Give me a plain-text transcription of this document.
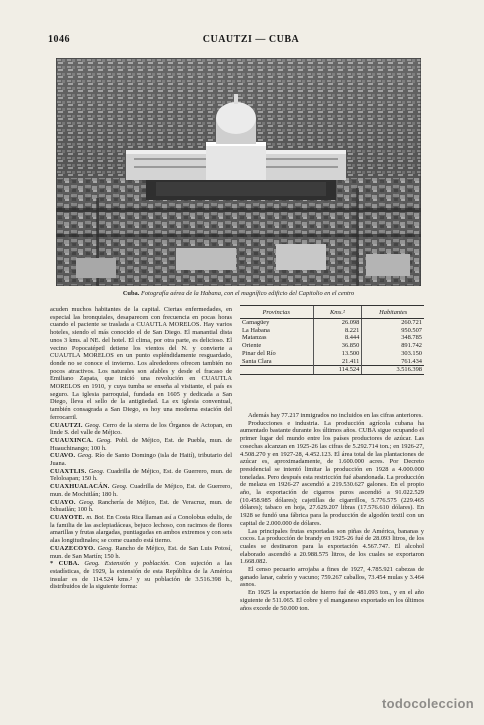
1046	CUAUTZI — CUBA
Cuba. Fotografía aérea de la Habana, con el magnífico edificio del Capitolio en el centro

acuden muchos habitantes de la capital. Ciertas enfermedades, en especial las bronquiales, desaparecen con frecuencia en pocas horas cuando el paciente se traslada a CUAUTLA MORELOS. Hay varios hoteles, siendo el más conocido el de San Diego. El manantial dista unos 3 kms. al NE. del hotel. El clima, por otra parte, es delicioso. El vecino Popocatépetl detiene los vientos del N. y convierte a CUAUTLA MORELOS en un punto espléndidamente resguardado, donde no se conoce el invierno. Los alrededores ofrecen también no pocos atractivos. Los naturales son afables y desde el fracaso de Emiliano Zapata, que inició una revolución en CUAUTLA MORELOS en 1910, y cuya tumba se enseña al visitante, el país es seguro. La iglesia parroquial, fundada en 1605 y dedicada a San Diego, lleva el sello de la antigüedad. La ex iglesia conventual, también consagrada a San Diego, es hoy una moderna estación del ferrocarril.

CUAUTZI. Geog. Cerro de la sierra de los Órganos de Actopan, en linde S. del valle de Méjico.

CUAUXINCA. Geog. Pobl. de Méjico, Est. de Puebla, mun. de Huauchinango; 100 h.

CUAVO. Geog. Río de Santo Domingo (isla de Haití), tributario del Juana.

CUAXTLIS. Geog. Cuadrilla de Méjico, Est. de Guerrero, mun. de Teloloapan; 150 h.

CUAXHUALACÁN. Geog. Cuadrilla de Méjico, Est. de Guerrero, mun. de Mochitlán; 180 h.

CUAYO. Geog. Ranchería de Méjico, Est. de Veracruz, mun. de Ixhuatlán; 100 h.

CUAYOTE. m. Bot. En Costa Rica llaman así a Conolobus edulis, de la familia de las asclepiadáceas, bejuco lechoso, con racimos de flores amarillas y frutas alargadas, puntiagudas en ambos extremos y con seis alas longitudinales; se come cuando está tierno.

CUAZECOYO. Geog. Rancho de Méjico, Est. de San Luis Potosí, mun. de San Martín; 150 h.

* CUBA. Geog. Extensión y población. Con sujeción a las estadísticas, de 1929, la extensión de esta República de la América insular es de 114.524 kms.² y su población de 3.516.398 h., distribuidos de la siguiente forma:

Provincias	Kms.²	Habitantes
Camagüey	26.098	260.721
La Habana	8.221	950.507
Matanzas	8.444	348.785
Oriente	36.850	891.742
Pinar del Río	13.500	303.150
Santa Clara	21.411	761.434
	114.524	3.516.398

Además hay 77.217 inmigrados no incluidos en las cifras anteriores.

Producciones e industria. La producción agrícola cubana ha aumentado bastante durante los últimos años. CUBA sigue ocupando el primer lugar del mundo entre los países productores de azúcar. Las cosechas alcanzan en 1925-26 las cifras de 5.292.714 ton.; en 1926-27, 4.508.270 y en 1927-28, 4.452.123. El área total de las plantaciones de azúcar es, aproximadamente, de 1.600.000 acres. Por Decreto presidencial se intentó limitar la producción en 1928 a 4.000.000 toneladas. Pero después esta restricción fué abandonada. La producción de melaza en 1926-27 ascendió a 219.530.627 galones. En el propio año, la exportación de cigarros puros ascendió a 91.022.529 (10.458.985 dólares); cajetillas de cigarrillos, 5.776.575 (229.465 dólares); tabaco en hoja, 27.629.207 libras (17.576.610 dólares). En 1928 se fundó una fábrica para la producción de algodón textil con un capital de 2.000.000 de dólares.

Las principales frutas exportadas son piñas de América, bananas y cocos. La producción de brandy en 1925-26 fué de 28.093 litros, de los cuales se destinaron para la exportación 4.567.747. El alcohol elaborado ascendió a 20.988.575 litros, de los cuales se exportaron 1.668.082.

El censo pecuario arrojaba a fines de 1927, 4.785.921 cabezas de ganado lanar, cabrío y vacuno; 759.267 caballos, 73.454 mulas y 3.464 asnos.

En 1925 la exportación de hierro fué de 481.093 ton., y en el año siguiente de 511.065. El cobre y el manganeso exportado en los últimos años excede de 50.000 ton.

todocoleccion
